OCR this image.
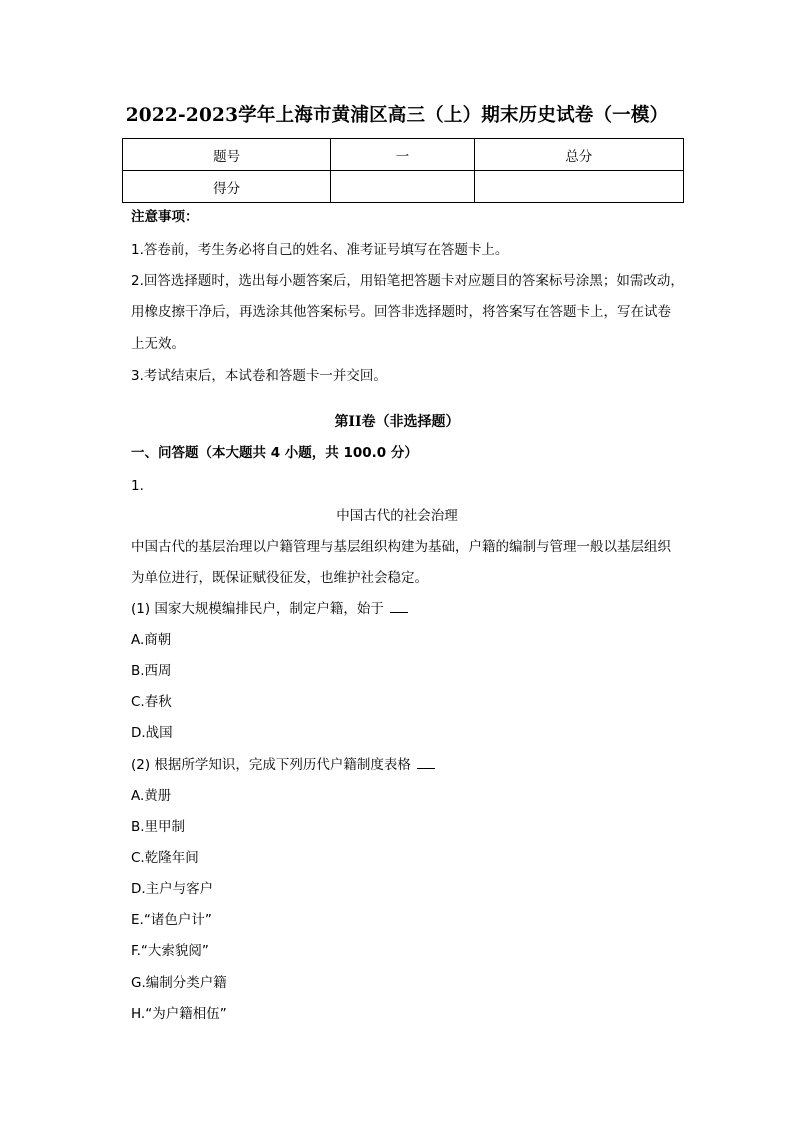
2022-2023学年上海市黄浦区高三（上）期末历史试卷（一模）
题号	一	总分
得分		
注意事项：
1.答卷前，考生务必将自己的姓名、准考证号填写在答题卡上。
2.回答选择题时，选出每小题答案后，用铅笔把答题卡对应题目的答案标号涂黑；如需改动，
用橡皮擦干净后，再选涂其他答案标号。回答非选择题时，将答案写在答题卡上，写在试卷
上无效。
3.考试结束后，本试卷和答题卡一并交回。
第II卷（非选择题）
一、问答题（本大题共 4 小题，共 100.0 分）
1.
中国古代的社会治理
中国古代的基层治理以户籍管理与基层组织构建为基础，户籍的编制与管理一般以基层组织
为单位进行，既保证赋役征发，也维护社会稳定。
(1) 国家大规模编排民户，制定户籍，始于
A.商朝
B.西周
C.春秋
D.战国
(2) 根据所学知识，完成下列历代户籍制度表格
A.黄册
B.里甲制
C.乾隆年间
D.主户与客户
E.“诸色户计”
F.“大索貌阅”
G.编制分类户籍
H.“为户籍相伍”
